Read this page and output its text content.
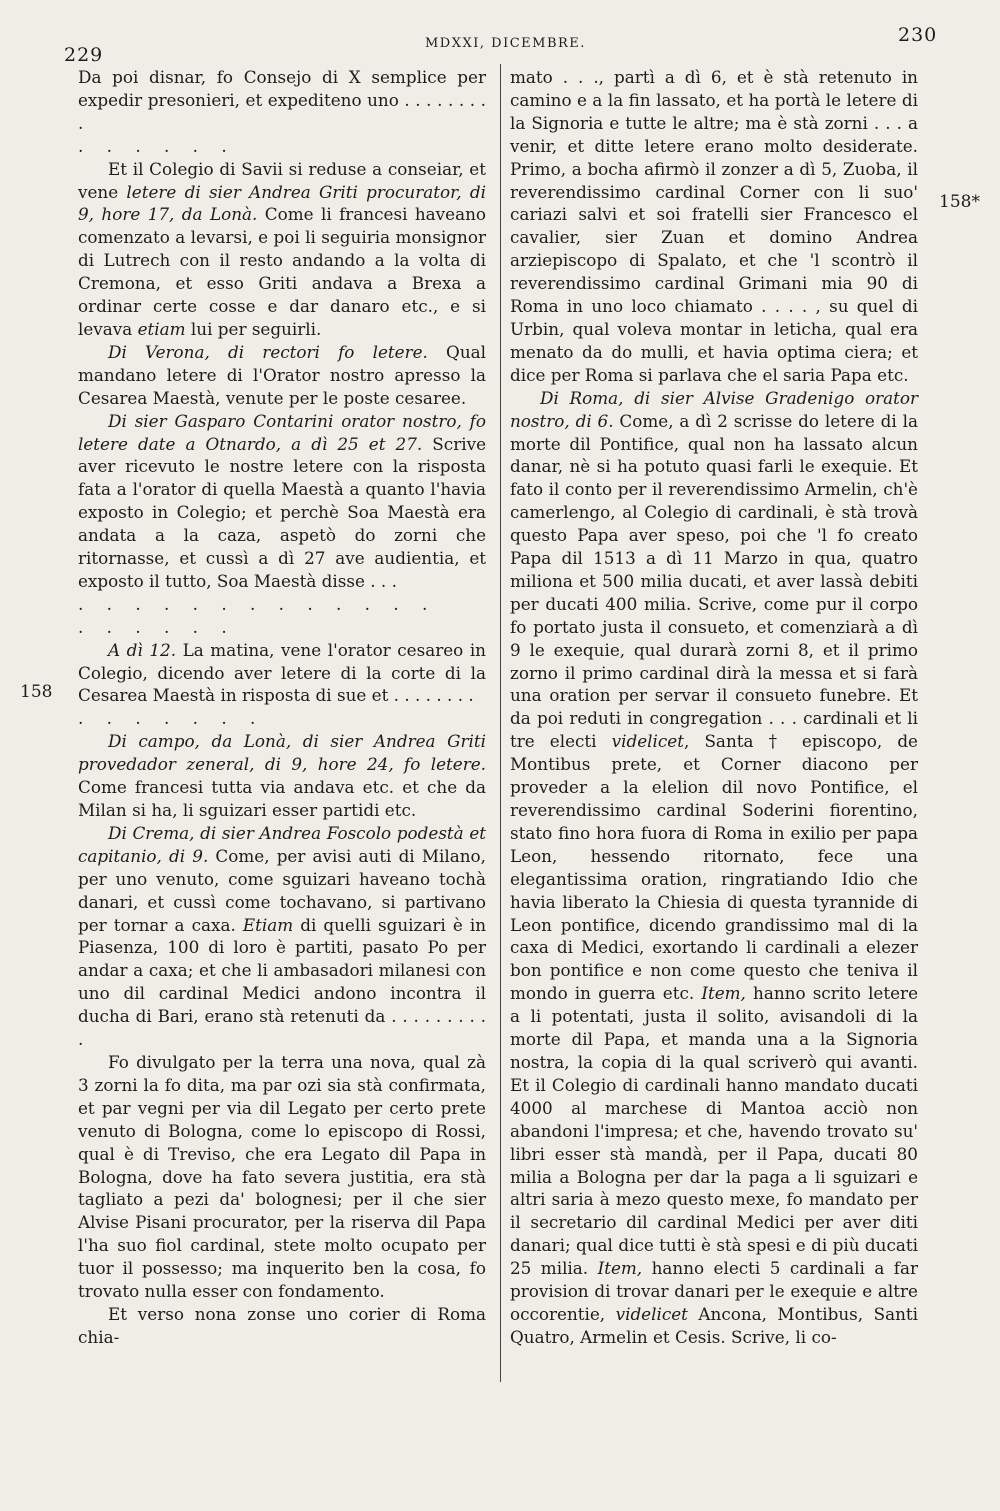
229
MDXXI, DICEMBRE.	230
158
158*

Da poi disnar, fo Consejo di X semplice per expedir presonieri, et expediteno uno . . . . . . . . .

. . . . . .

Et il Colegio di Savii si reduse a conseiar, et vene letere di sier Andrea Griti procurator, di 9, hore 17, da Lonà. Come li francesi haveano comenzato a levarsi, e poi li seguiria monsignor di Lutrech con il resto andando a la volta di Cremona, et esso Griti andava a Brexa a ordinar certe cosse e dar danaro etc., e si levava etiam lui per seguirli.

Di Verona, di rectori fo letere. Qual mandano letere di l'Orator nostro apresso la Cesarea Maestà, venute per le poste cesaree.

Di sier Gasparo Contarini orator nostro, fo letere date a Otnardo, a dì 25 et 27. Scrive aver ricevuto le nostre letere con la risposta fata a l'orator di quella Maestà a quanto l'havia exposto in Colegio; et perchè Soa Maestà era andata a la caza, aspetò do zorni che ritornasse, et cussì a dì 27 ave audientia, et exposto il tutto, Soa Maestà disse . . .

. . . . . . . . . . . . .

. . . . . .

A dì 12. La matina, vene l'orator cesareo in Colegio, dicendo aver letere di la corte di la Cesarea Maestà in risposta di sue et . . . . . . . .

. . . . . . .

Di campo, da Lonà, di sier Andrea Griti provedador zeneral, di 9, hore 24, fo letere. Come francesi tutta via andava etc. et che da Milan si ha, li sguizari esser partidi etc.

Di Crema, di sier Andrea Foscolo podestà et capitanio, di 9. Come, per avisi auti di Milano, per uno venuto, come sguizari haveano tochà danari, et cussì come tochavano, si partivano per tornar a caxa. Etiam di quelli sguizari è in Piasenza, 100 di loro è partiti, pasato Po per andar a caxa; et che li ambasadori milanesi con uno dil cardinal Medici andono incontra il ducha di Bari, erano stà retenuti da . . . . . . . . . .

Fo divulgato per la terra una nova, qual zà 3 zorni la fo dita, ma par ozi sia stà confirmata, et par vegni per via dil Legato per certo prete venuto di Bologna, come lo episcopo di Rossi, qual è di Treviso, che era Legato dil Papa in Bologna, dove ha fato severa justitia, era stà tagliato a pezi da' bolognesi; per il che sier Alvise Pisani procurator, per la riserva dil Papa l'ha suo fiol cardinal, stete molto ocupato per tuor il possesso; ma inquerito ben la cosa, fo trovato nulla esser con fondamento.

Et verso nona zonse uno corier di Roma chia-

mato . . ., partì a dì 6, et è stà retenuto in camino e a la fin lassato, et ha portà le letere di la Signoria e tutte le altre; ma è stà zorni . . . a venir, et ditte letere erano molto desiderate. Primo, a bocha afirmò il zonzer a dì 5, Zuoba, il reverendissimo cardinal Corner con li suo' cariazi salvi et soi fratelli sier Francesco el cavalier, sier Zuan et domino Andrea arziepiscopo di Spalato, et che 'l scontrò il reverendissimo cardinal Grimani mia 90 di Roma in uno loco chiamato . . . . , su quel di Urbin, qual voleva montar in leticha, qual era menato da do mulli, et havia optima ciera; et dice per Roma si parlava che el saria Papa etc.

Di Roma, di sier Alvise Gradenigo orator nostro, di 6. Come, a dì 2 scrisse do letere di la morte dil Pontifice, qual non ha lassato alcun danar, nè si ha potuto quasi farli le exequie. Et fato il conto per il reverendissimo Armelin, ch'è camerlengo, al Colegio di cardinali, è stà trovà questo Papa aver speso, poi che 'l fo creato Papa dil 1513 a dì 11 Marzo in qua, quatro miliona et 500 milia ducati, et aver lassà debiti per ducati 400 milia. Scrive, come pur il corpo fo portato justa il consueto, et comenziarà a dì 9 le exequie, qual durarà zorni 8, et il primo zorno il primo cardinal dirà la messa et si farà una oration per servar il consueto funebre. Et da poi reduti in congregation . . . cardinali et li tre electi videlicet, Santa † episcopo, de Montibus prete, et Corner diacono per proveder a la elelion dil novo Pontifice, el reverendissimo cardinal Soderini fiorentino, stato fino hora fuora di Roma in exilio per papa Leon, hessendo ritornato, fece una elegantissima oration, ringratiando Idio che havia liberato la Chiesia di questa tyrannide di Leon pontifice, dicendo grandissimo mal di la caxa di Medici, exortando li cardinali a elezer bon pontifice e non come questo che teniva il mondo in guerra etc. Item, hanno scrito letere a li potentati, justa il solito, avisandoli di la morte dil Papa, et manda una a la Signoria nostra, la copia di la qual scriverò qui avanti. Et il Colegio di cardinali hanno mandato ducati 4000 al marchese di Mantoa acciò non abandoni l'impresa; et che, havendo trovato su' libri esser stà mandà, per il Papa, ducati 80 milia a Bologna per dar la paga a li sguizari e altri saria à mezo questo mexe, fo mandato per il secretario dil cardinal Medici per aver diti danari; qual dice tutti è stà spesi e di più ducati 25 milia. Item, hanno electi 5 cardinali a far provision di trovar danari per le exequie e altre occorentie, videlicet Ancona, Montibus, Santi Quatro, Armelin et Cesis. Scrive, li co-
